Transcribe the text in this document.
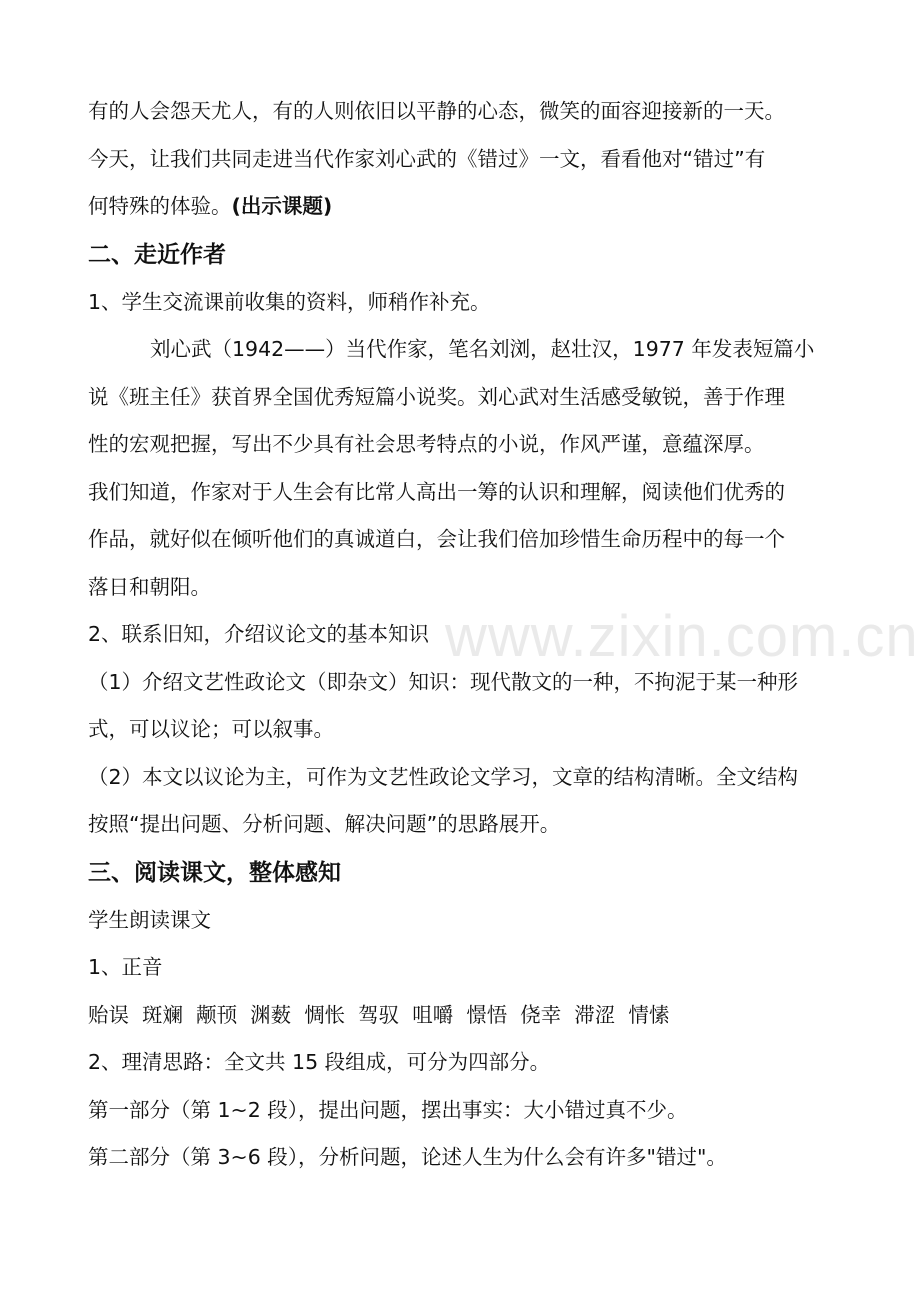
有的人会怨天尤人，有的人则依旧以平静的心态，微笑的面容迎接新的一天。
今天，让我们共同走进当代作家刘心武的《错过》一文，看看他对“错过”有
何特殊的体验。(出示课题)
二、走近作者
1、学生交流课前收集的资料，师稍作补充。
刘心武（1942——）当代作家，笔名刘浏，赵壮汉，1977 年发表短篇小
说《班主任》获首界全国优秀短篇小说奖。刘心武对生活感受敏锐，善于作理
性的宏观把握，写出不少具有社会思考特点的小说，作风严谨，意蕴深厚。
我们知道，作家对于人生会有比常人高出一筹的认识和理解，阅读他们优秀的
作品，就好似在倾听他们的真诚道白，会让我们倍加珍惜生命历程中的每一个
落日和朝阳。
2、联系旧知，介绍议论文的基本知识
（1）介绍文艺性政论文（即杂文）知识：现代散文的一种，不拘泥于某一种形
式，可以议论；可以叙事。
（2）本文以议论为主，可作为文艺性政论文学习，文章的结构清晰。全文结构
按照“提出问题、分析问题、解决问题”的思路展开。
三、阅读课文，整体感知
学生朗读课文
1、正音
贻误  斑斓  颟顸  渊薮  惆怅  驾驭  咀嚼  憬悟  侥幸  滞涩  情愫
2、理清思路：全文共 15 段组成，可分为四部分。
第一部分（第 1~2 段），提出问题，摆出事实：大小错过真不少。
第二部分（第 3~6 段），分析问题，论述人生为什么会有许多"错过"。
www.zixin.com.cn
